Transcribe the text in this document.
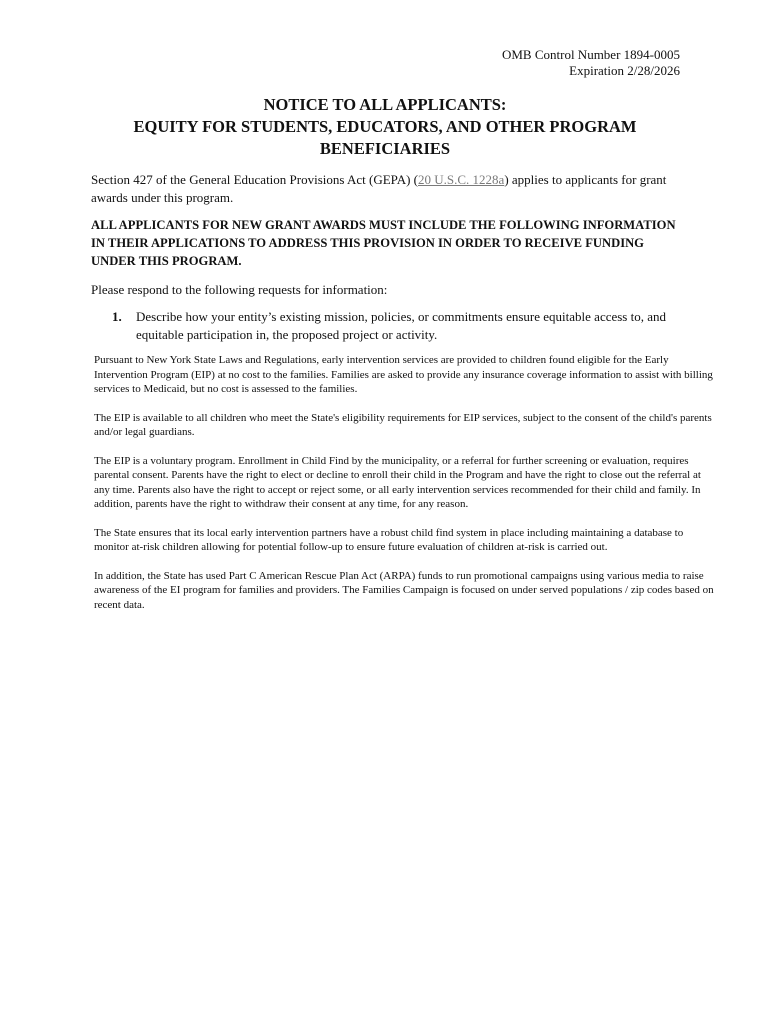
OMB Control Number 1894-0005
Expiration 2/28/2026
NOTICE TO ALL APPLICANTS:
EQUITY FOR STUDENTS, EDUCATORS, AND OTHER PROGRAM
BENEFICIARIES
Section 427 of the General Education Provisions Act (GEPA) (20 U.S.C. 1228a) applies to applicants for grant awards under this program.
ALL APPLICANTS FOR NEW GRANT AWARDS MUST INCLUDE THE FOLLOWING INFORMATION IN THEIR APPLICATIONS TO ADDRESS THIS PROVISION IN ORDER TO RECEIVE FUNDING UNDER THIS PROGRAM.
Please respond to the following requests for information:
1. Describe how your entity’s existing mission, policies, or commitments ensure equitable access to, and equitable participation in, the proposed project or activity.

Pursuant to New York State Laws and Regulations, early intervention services are provided to children found eligible for the Early Intervention Program (EIP) at no cost to the families. Families are asked to provide any insurance coverage information to assist with billing services to Medicaid, but no cost is assessed to the families.

The EIP is available to all children who meet the State's eligibility requirements for EIP services, subject to the consent of the child's parents and/or legal guardians.

The EIP is a voluntary program. Enrollment in Child Find by the municipality, or a referral for further screening or evaluation, requires parental consent. Parents have the right to elect or decline to enroll their child in the Program and have the right to close out the referral at any time. Parents also have the right to accept or reject some, or all early intervention services recommended for their child and family. In addition, parents have the right to withdraw their consent at any time, for any reason.

The State ensures that its local early intervention partners have a robust child find system in place including maintaining a database to monitor at-risk children allowing for potential follow-up to ensure future evaluation of children at-risk is carried out.

In addition, the State has used Part C American Rescue Plan Act (ARPA) funds to run promotional campaigns using various media to raise awareness of the EI program for families and providers. The Families Campaign is focused on under served populations / zip codes based on recent data.
